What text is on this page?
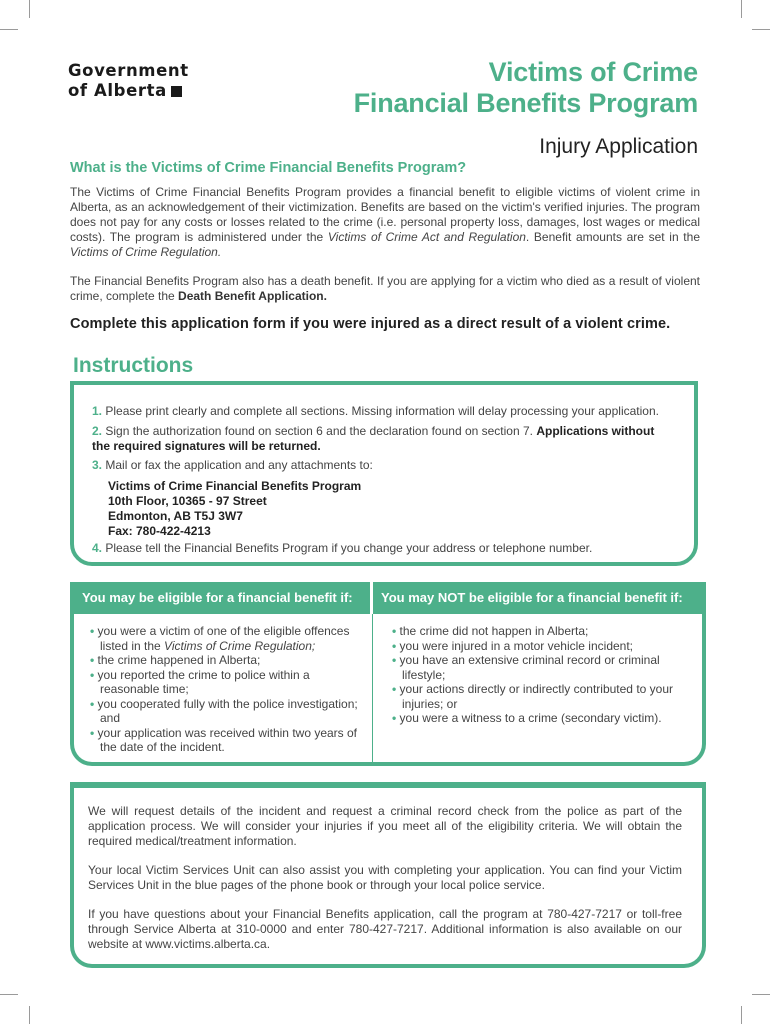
Government
of Alberta
Victims of Crime
Financial Benefits Program
Injury Application
What is the Victims of Crime Financial Benefits Program?
The Victims of Crime Financial Benefits Program provides a financial benefit to eligible victims of violent crime in Alberta, as an acknowledgement of their victimization. Benefits are based on the victim's verified injuries. The program does not pay for any costs or losses related to the crime (i.e. personal property loss, damages, lost wages or medical costs). The program is administered under the Victims of Crime Act and Regulation. Benefit amounts are set in the Victims of Crime Regulation.
The Financial Benefits Program also has a death benefit. If you are applying for a victim who died as a result of violent crime, complete the Death Benefit Application.
Complete this application form if you were injured as a direct result of a violent crime.
Instructions
1. Please print clearly and complete all sections. Missing information will delay processing your application.
2. Sign the authorization found on section 6 and the declaration found on section 7. Applications without the required signatures will be returned.
3. Mail or fax the application and any attachments to:
Victims of Crime Financial Benefits Program
10th Floor, 10365 - 97 Street
Edmonton, AB T5J 3W7
Fax: 780-422-4213
4. Please tell the Financial Benefits Program if you change your address or telephone number.
You may be eligible for a financial benefit if:	You may NOT be eligible for a financial benefit if:
• you were a victim of one of the eligible offences listed in the Victims of Crime Regulation;
• the crime happened in Alberta;
• you reported the crime to police within a reasonable time;
• you cooperated fully with the police investigation; and
• your application was received within two years of the date of the incident.
• the crime did not happen in Alberta;
• you were injured in a motor vehicle incident;
• you have an extensive criminal record or criminal lifestyle;
• your actions directly or indirectly contributed to your injuries; or
• you were a witness to a crime (secondary victim).
We will request details of the incident and request a criminal record check from the police as part of the application process. We will consider your injuries if you meet all of the eligibility criteria. We will obtain the required medical/treatment information.
Your local Victim Services Unit can also assist you with completing your application. You can find your Victim Services Unit in the blue pages of the phone book or through your local police service.
If you have questions about your Financial Benefits application, call the program at 780-427-7217 or toll-free through Service Alberta at 310-0000 and enter 780-427-7217. Additional information is also available on our website at www.victims.alberta.ca.
